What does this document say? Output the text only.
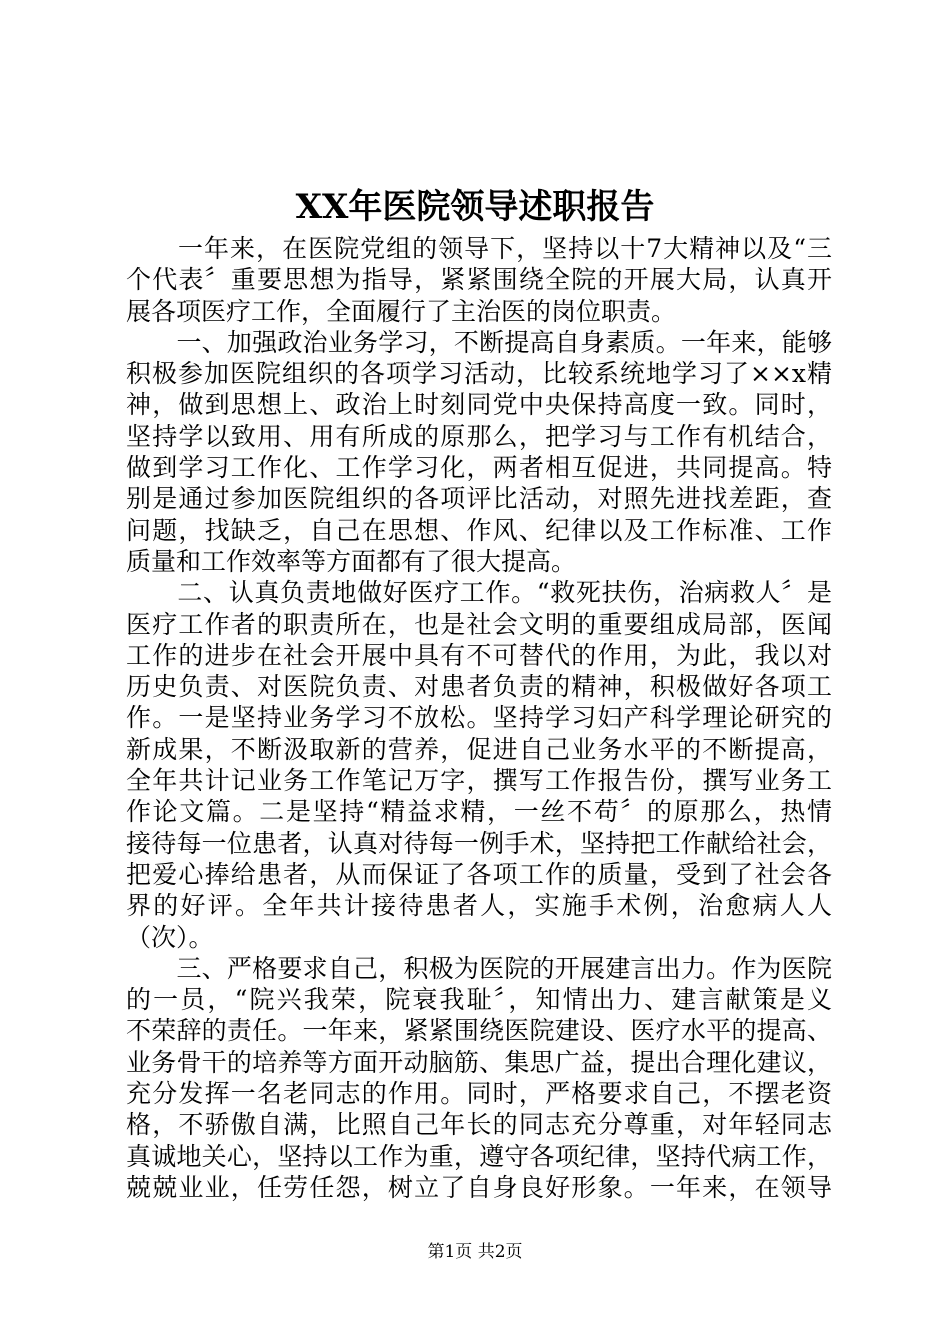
XX年医院领导述职报告
　　一年来，在医院党组的领导下，坚持以十7大精神以及“三
个代表〞重要思想为指导，紧紧围绕全院的开展大局，认真开
展各项医疗工作，全面履行了主治医的岗位职责。
　　一、加强政治业务学习，不断提高自身素质。一年来，能够
积极参加医院组织的各项学习活动，比较系统地学习了××x精
神，做到思想上、政治上时刻同党中央保持高度一致。同时，
坚持学以致用、用有所成的原那么，把学习与工作有机结合，
做到学习工作化、工作学习化，两者相互促进，共同提高。特
别是通过参加医院组织的各项评比活动，对照先进找差距，查
问题，找缺乏，自己在思想、作风、纪律以及工作标准、工作
质量和工作效率等方面都有了很大提高。
　　二、认真负责地做好医疗工作。“救死扶伤，治病救人〞是
医疗工作者的职责所在，也是社会文明的重要组成局部，医闻
工作的进步在社会开展中具有不可替代的作用，为此，我以对
历史负责、对医院负责、对患者负责的精神，积极做好各项工
作。一是坚持业务学习不放松。坚持学习妇产科学理论研究的
新成果，不断汲取新的营养，促进自己业务水平的不断提高，
全年共计记业务工作笔记万字，撰写工作报告份，撰写业务工
作论文篇。二是坚持“精益求精，一丝不苟〞的原那么，热情
接待每一位患者，认真对待每一例手术，坚持把工作献给社会，
把爱心捧给患者，从而保证了各项工作的质量，受到了社会各
界的好评。全年共计接待患者人，实施手术例，治愈病人人
（次）。
　　三、严格要求自己，积极为医院的开展建言出力。作为医院
的一员，“院兴我荣，院衰我耻〞，知情出力、建言献策是义
不荣辞的责任。一年来，紧紧围绕医院建设、医疗水平的提高、
业务骨干的培养等方面开动脑筋、集思广益，提出合理化建议，
充分发挥一名老同志的作用。同时，严格要求自己，不摆老资
格，不骄傲自满，比照自己年长的同志充分尊重，对年轻同志
真诚地关心，坚持以工作为重，遵守各项纪律，坚持代病工作，
兢兢业业，任劳任怨，树立了自身良好形象。一年来，在领导
第1页 共2页
